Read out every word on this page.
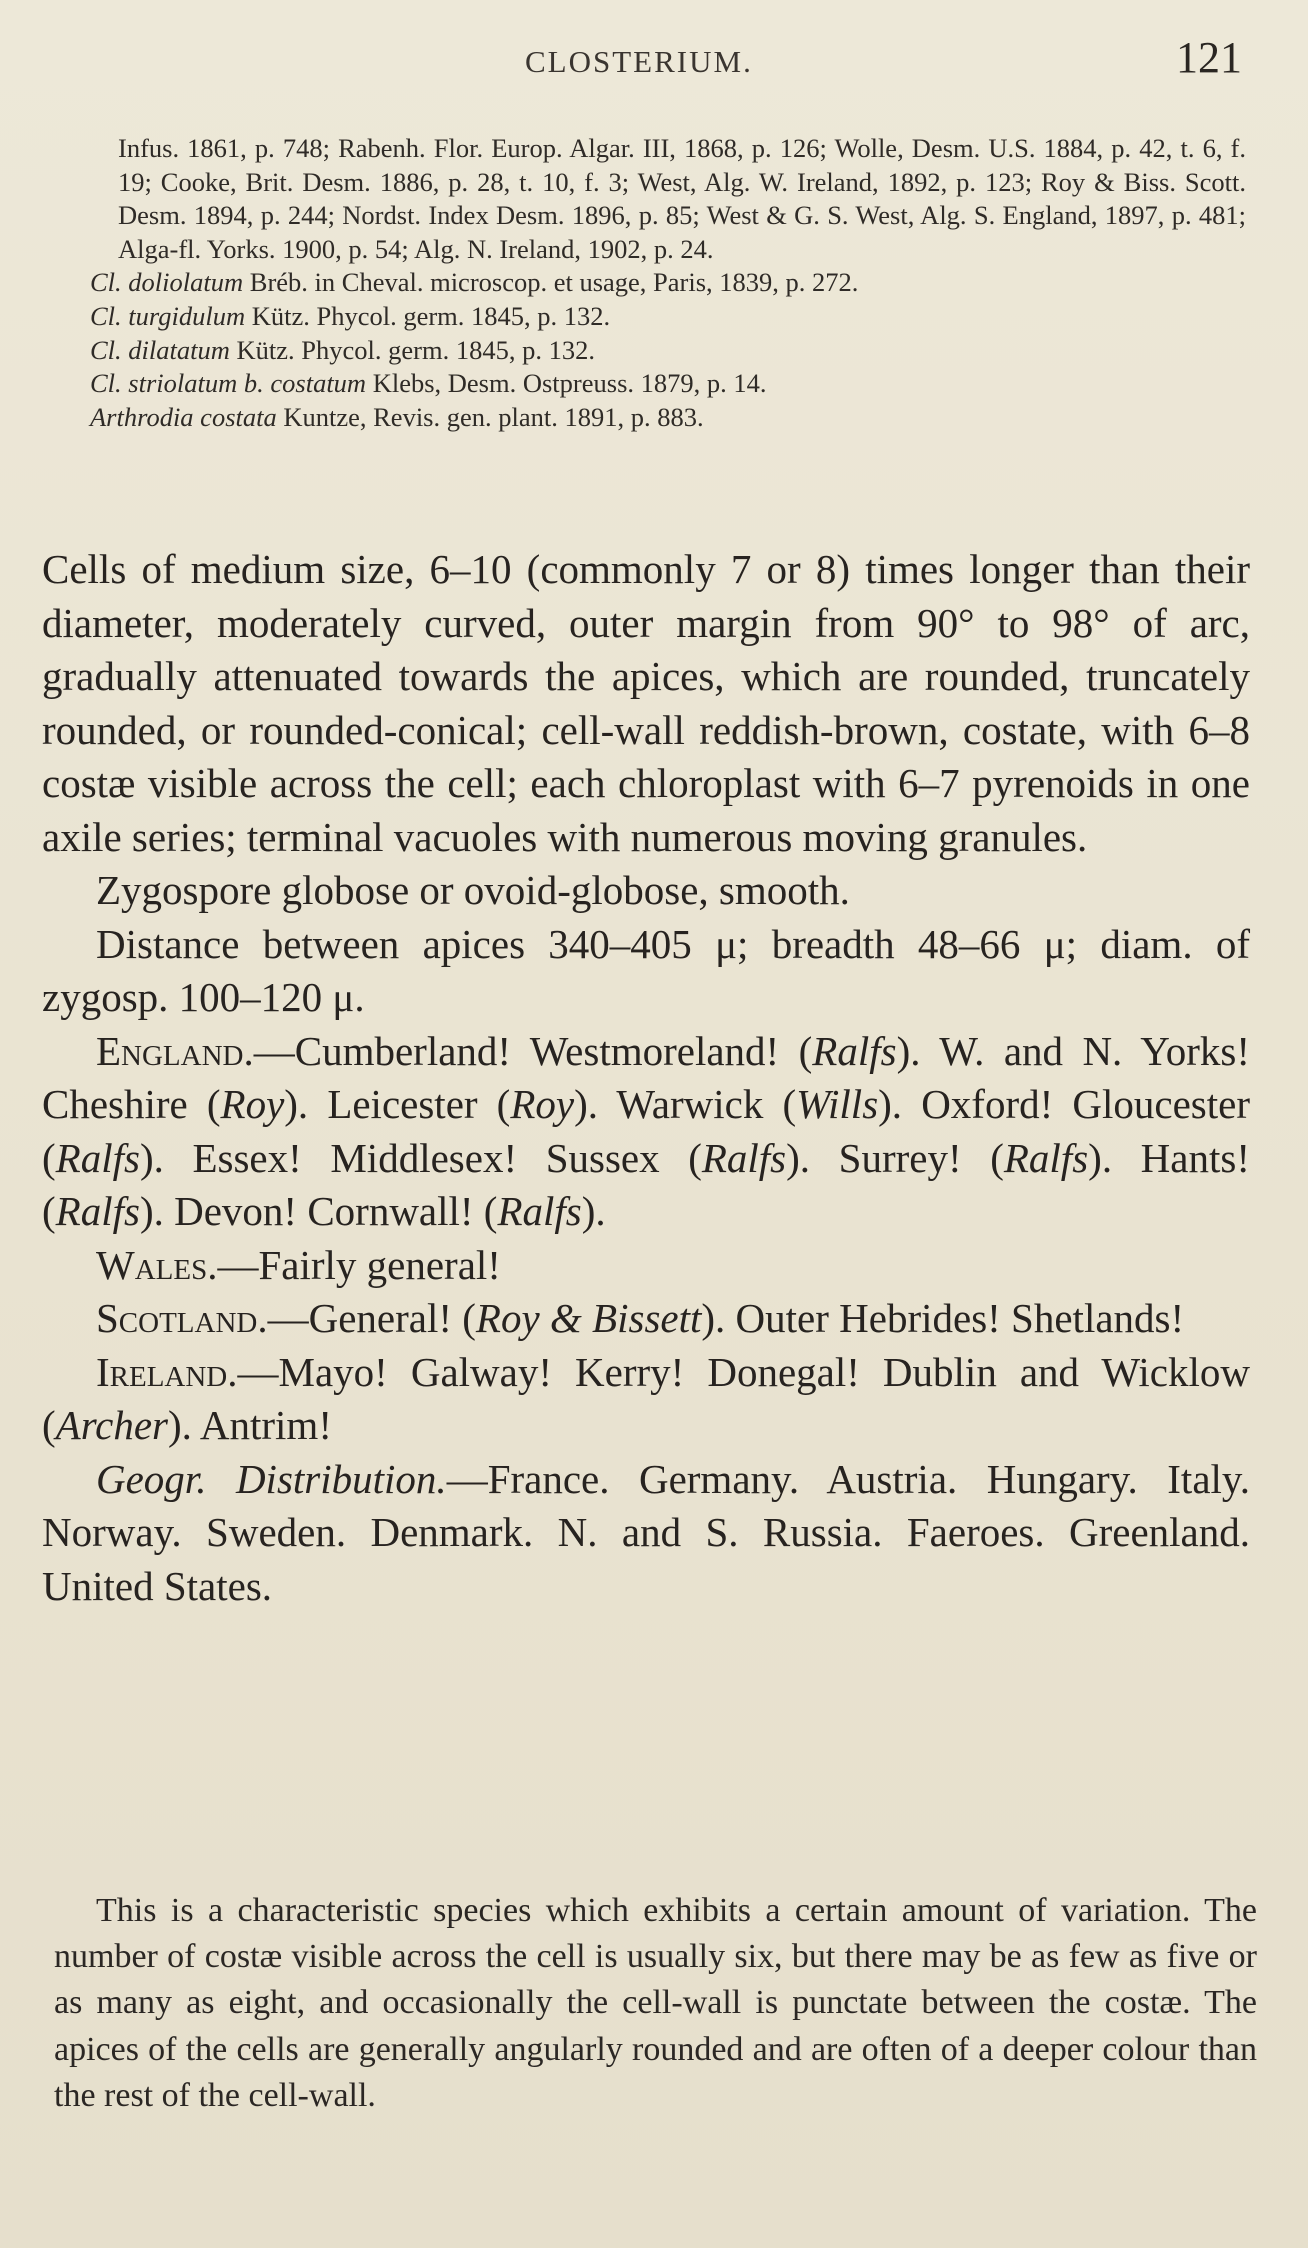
CLOSTERIUM.	121

Infus. 1861, p. 748; Rabenh. Flor. Europ. Algar. III, 1868, p. 126; Wolle, Desm. U.S. 1884, p. 42, t. 6, f. 19; Cooke, Brit. Desm. 1886, p. 28, t. 10, f. 3; West, Alg. W. Ireland, 1892, p. 123; Roy & Biss. Scott. Desm. 1894, p. 244; Nordst. Index Desm. 1896, p. 85; West & G. S. West, Alg. S. England, 1897, p. 481; Alga-fl. Yorks. 1900, p. 54; Alg. N. Ireland, 1902, p. 24.

Cl. doliolatum Bréb. in Cheval. microscop. et usage, Paris, 1839, p. 272.

Cl. turgidulum Kütz. Phycol. germ. 1845, p. 132.

Cl. dilatatum Kütz. Phycol. germ. 1845, p. 132.

Cl. striolatum b. costatum Klebs, Desm. Ostpreuss. 1879, p. 14.

Arthrodia costata Kuntze, Revis. gen. plant. 1891, p. 883.

Cells of medium size, 6–10 (commonly 7 or 8) times longer than their diameter, moderately curved, outer margin from 90° to 98° of arc, gradually attenuated towards the apices, which are rounded, truncately rounded, or rounded-conical; cell-wall reddish-brown, costate, with 6–8 costæ visible across the cell; each chloroplast with 6–7 pyrenoids in one axile series; terminal vacuoles with numerous moving granules.

Zygospore globose or ovoid-globose, smooth.

Distance between apices 340–405 μ; breadth 48–66 μ; diam. of zygosp. 100–120 μ.

England.—Cumberland! Westmoreland! (Ralfs). W. and N. Yorks! Cheshire (Roy). Leicester (Roy). Warwick (Wills). Oxford! Gloucester (Ralfs). Essex! Middlesex! Sussex (Ralfs). Surrey! (Ralfs). Hants! (Ralfs). Devon! Cornwall! (Ralfs).

Wales.—Fairly general!

Scotland.—General! (Roy & Bissett). Outer Hebrides! Shetlands!

Ireland.—Mayo! Galway! Kerry! Donegal! Dublin and Wicklow (Archer). Antrim!

Geogr. Distribution.—France. Germany. Austria. Hungary. Italy. Norway. Sweden. Denmark. N. and S. Russia. Faeroes. Greenland. United States.

This is a characteristic species which exhibits a certain amount of variation. The number of costæ visible across the cell is usually six, but there may be as few as five or as many as eight, and occasionally the cell-wall is punctate between the costæ. The apices of the cells are generally angularly rounded and are often of a deeper colour than the rest of the cell-wall.
